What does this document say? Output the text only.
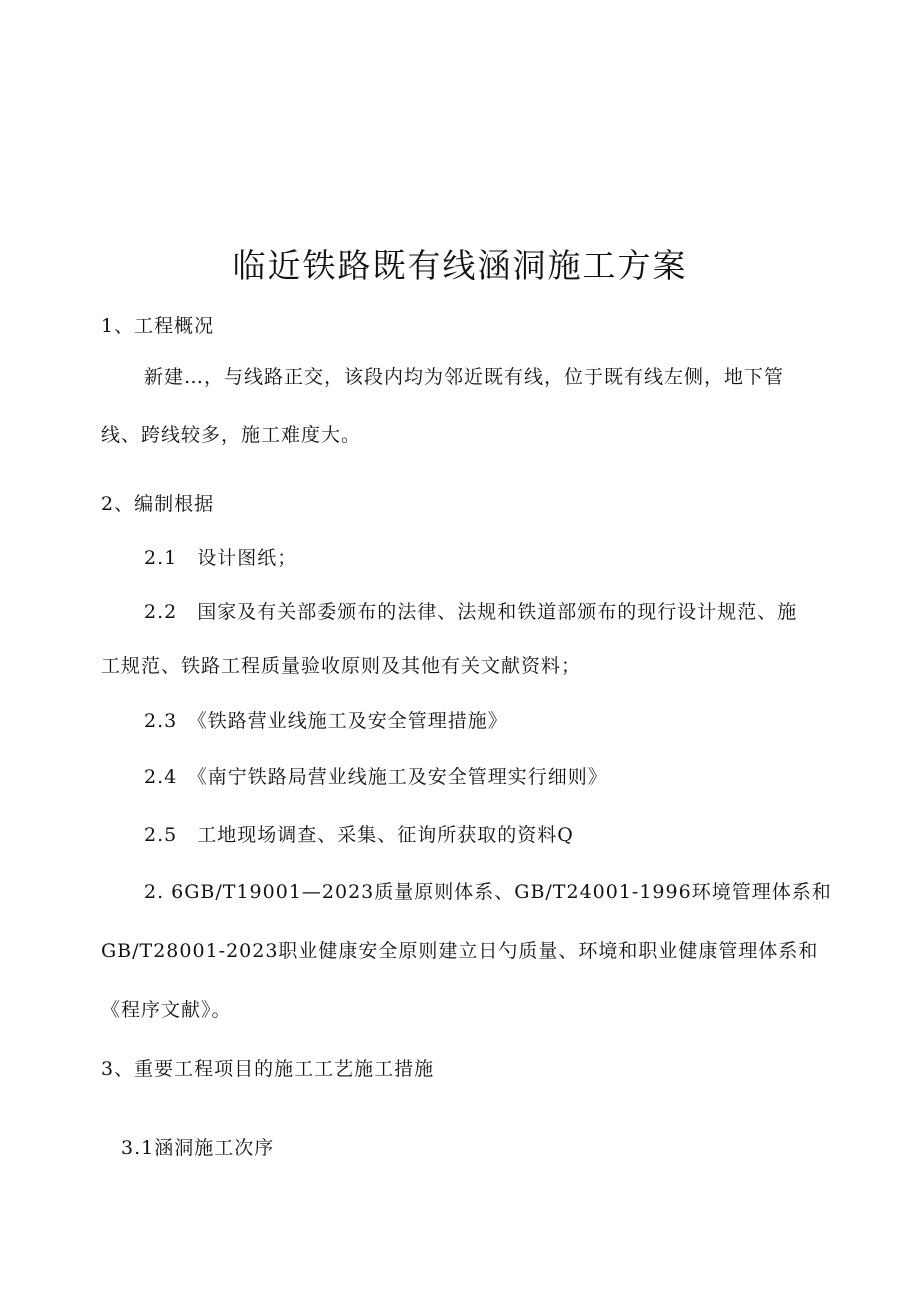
临近铁路既有线涵洞施工方案
1、工程概况
新建…，与线路正交，该段内均为邻近既有线，位于既有线左侧，地下管
线、跨线较多，施工难度大。
2、编制根据
2.1　设计图纸；
2.2　国家及有关部委颁布的法律、法规和铁道部颁布的现行设计规范、施
工规范、铁路工程质量验收原则及其他有关文献资料；
2.3　《铁路营业线施工及安全管理措施》
2.4　《南宁铁路局营业线施工及安全管理实行细则》
2.5　工地现场调查、采集、征询所获取的资料Q
2. 6GB/T19001—2023质量原则体系、GB/T24001-1996环境管理体系和
GB/T28001-2023职业健康安全原则建立日勺质量、环境和职业健康管理体系和
《程序文献》。
3、重要工程项目的施工工艺施工措施
3.1涵洞施工次序
